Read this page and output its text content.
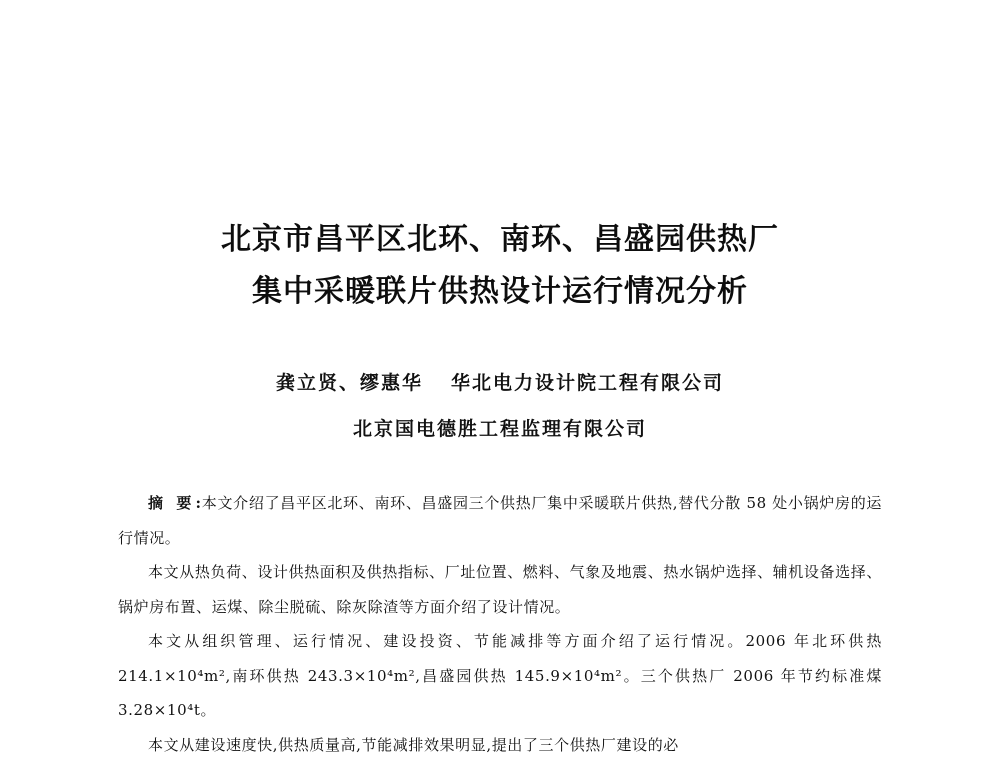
北京市昌平区北环、南环、昌盛园供热厂
集中采暖联片供热设计运行情况分析
龚立贤、缪惠华 华北电力设计院工程有限公司
北京国电德胜工程监理有限公司

摘 要:本文介绍了昌平区北环、南环、昌盛园三个供热厂集中采暖联片供热,替代分散 58 处小锅炉房的运行情况。

本文从热负荷、设计供热面积及供热指标、厂址位置、燃料、气象及地震、热水锅炉选择、辅机设备选择、锅炉房布置、运煤、除尘脱硫、除灰除渣等方面介绍了设计情况。

本文从组织管理、运行情况、建设投资、节能减排等方面介绍了运行情况。2006 年北环供热 214.1×10⁴m²,南环供热 243.3×10⁴m²,昌盛园供热 145.9×10⁴m²。三个供热厂 2006 年节约标准煤 3.28×10⁴t。

本文从建设速度快,供热质量高,节能减排效果明显,提出了三个供热厂建设的必
